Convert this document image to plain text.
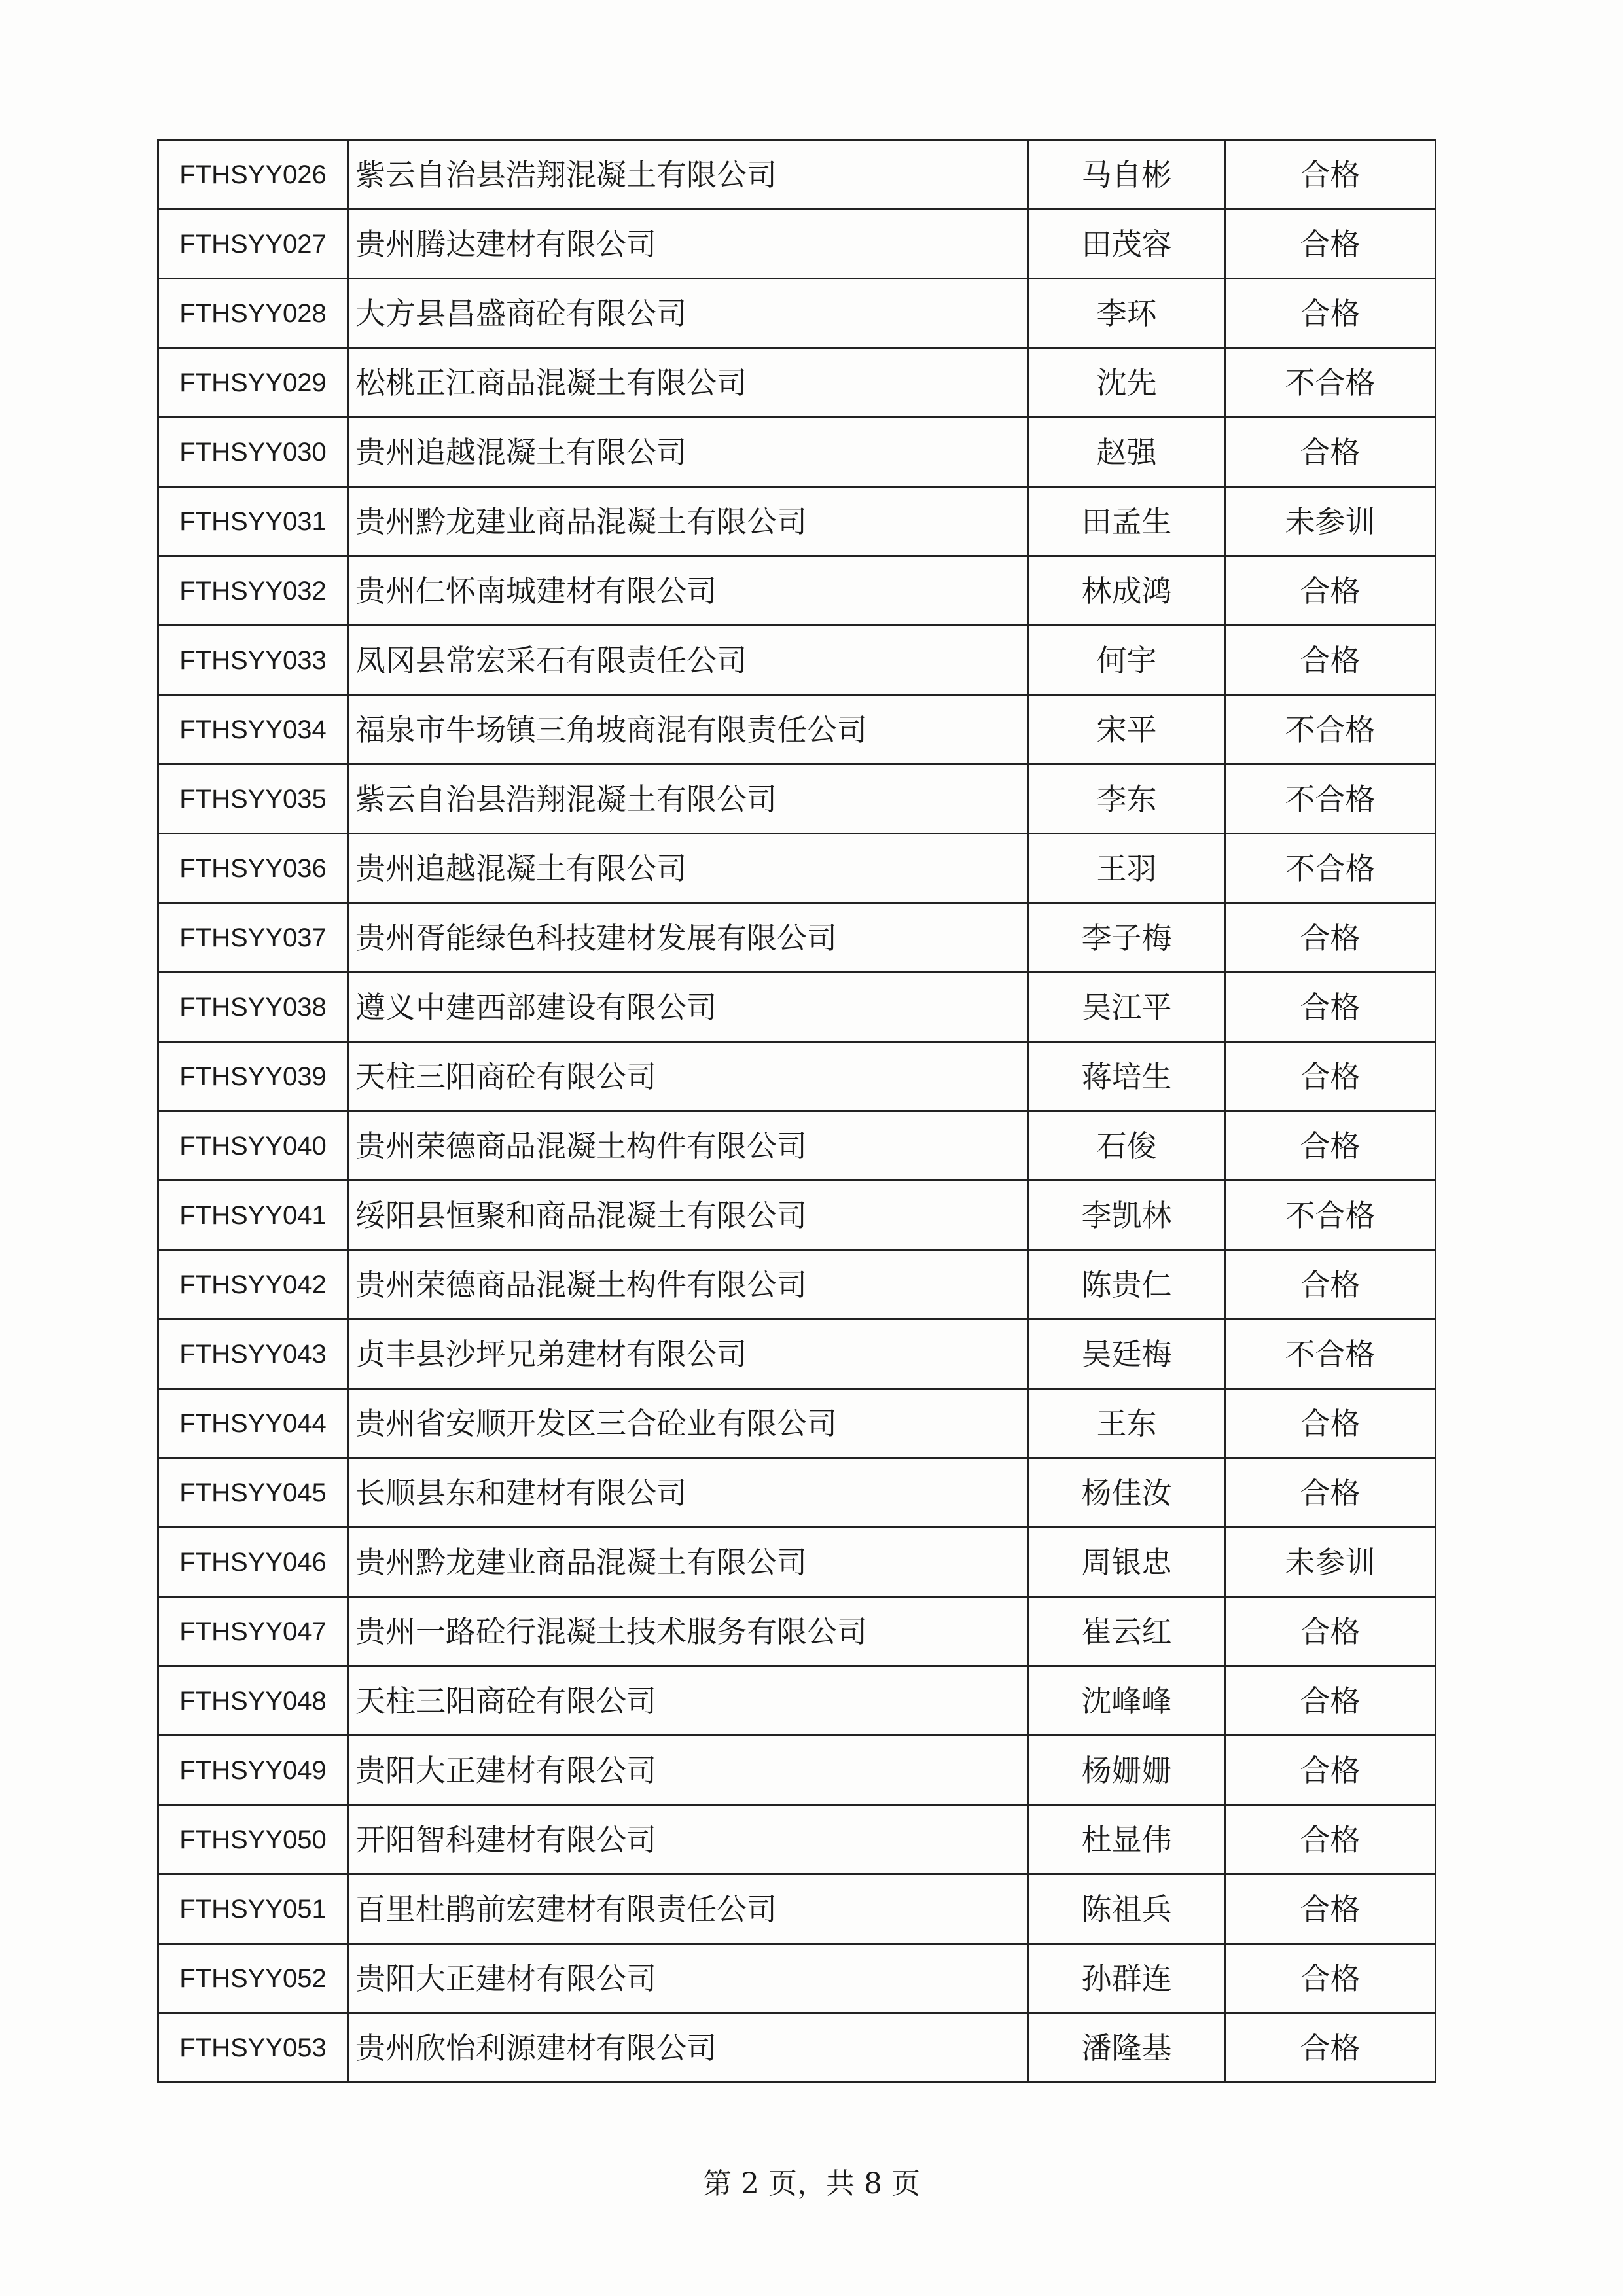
FTHSYY026	紫云自治县浩翔混凝土有限公司	马自彬	合格
FTHSYY027	贵州腾达建材有限公司	田茂容	合格
FTHSYY028	大方县昌盛商砼有限公司	李环	合格
FTHSYY029	松桃正江商品混凝土有限公司	沈先	不合格
FTHSYY030	贵州追越混凝土有限公司	赵强	合格
FTHSYY031	贵州黔龙建业商品混凝土有限公司	田孟生	未参训
FTHSYY032	贵州仁怀南城建材有限公司	林成鸿	合格
FTHSYY033	凤冈县常宏采石有限责任公司	何宇	合格
FTHSYY034	福泉市牛场镇三角坡商混有限责任公司	宋平	不合格
FTHSYY035	紫云自治县浩翔混凝土有限公司	李东	不合格
FTHSYY036	贵州追越混凝土有限公司	王羽	不合格
FTHSYY037	贵州胥能绿色科技建材发展有限公司	李子梅	合格
FTHSYY038	遵义中建西部建设有限公司	吴江平	合格
FTHSYY039	天柱三阳商砼有限公司	蒋培生	合格
FTHSYY040	贵州荣德商品混凝土构件有限公司	石俊	合格
FTHSYY041	绥阳县恒聚和商品混凝土有限公司	李凯林	不合格
FTHSYY042	贵州荣德商品混凝土构件有限公司	陈贵仁	合格
FTHSYY043	贞丰县沙坪兄弟建材有限公司	吴廷梅	不合格
FTHSYY044	贵州省安顺开发区三合砼业有限公司	王东	合格
FTHSYY045	长顺县东和建材有限公司	杨佳汝	合格
FTHSYY046	贵州黔龙建业商品混凝土有限公司	周银忠	未参训
FTHSYY047	贵州一路砼行混凝土技术服务有限公司	崔云红	合格
FTHSYY048	天柱三阳商砼有限公司	沈峰峰	合格
FTHSYY049	贵阳大正建材有限公司	杨姗姗	合格
FTHSYY050	开阳智科建材有限公司	杜显伟	合格
FTHSYY051	百里杜鹃前宏建材有限责任公司	陈祖兵	合格
FTHSYY052	贵阳大正建材有限公司	孙群连	合格
FTHSYY053	贵州欣怡利源建材有限公司	潘隆基	合格
第 2 页，共 8 页
